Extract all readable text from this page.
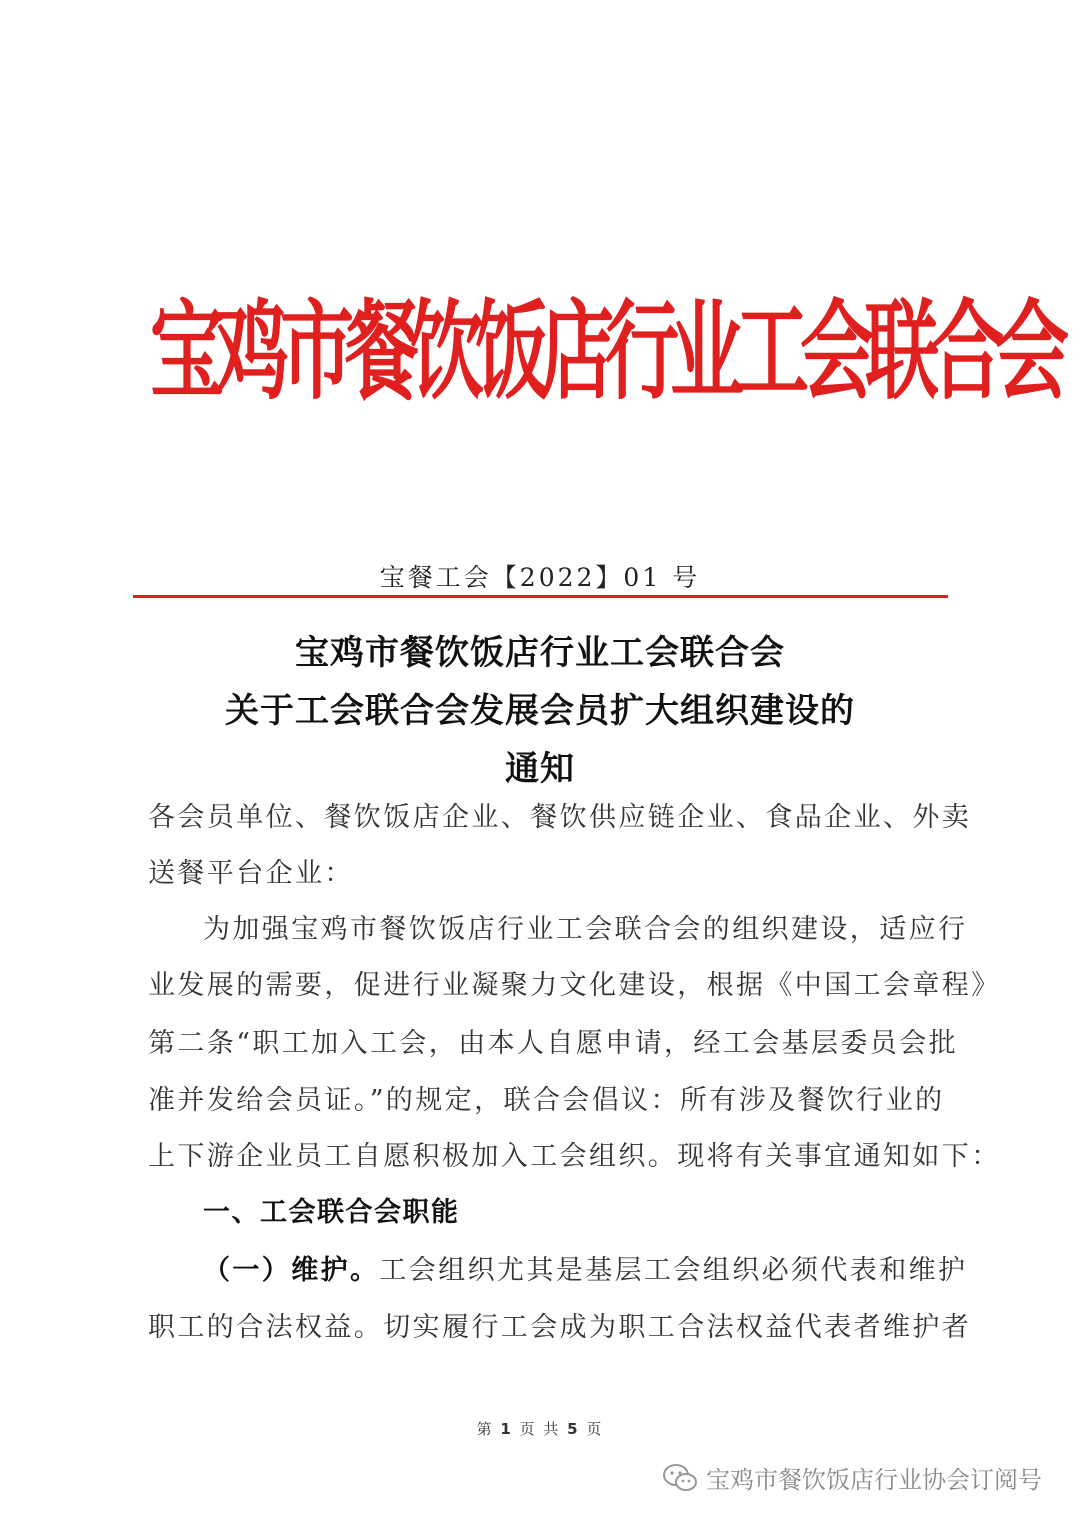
宝鸡市餐饮饭店行业工会联合会
宝餐工会【2022】01 号
宝鸡市餐饮饭店行业工会联合会
关于工会联合会发展会员扩大组织建设的
通知
各会员单位、餐饮饭店企业、餐饮供应链企业、食品企业、外卖
送餐平台企业：
为加强宝鸡市餐饮饭店行业工会联合会的组织建设，适应行
业发展的需要，促进行业凝聚力文化建设，根据《中国工会章程》
第二条“职工加入工会，由本人自愿申请，经工会基层委员会批
准并发给会员证。”的规定，联合会倡议：所有涉及餐饮行业的
上下游企业员工自愿积极加入工会组织。现将有关事宜通知如下：
一、工会联合会职能
（一）维护。工会组织尤其是基层工会组织必须代表和维护
职工的合法权益。切实履行工会成为职工合法权益代表者维护者
第 1 页 共 5 页
宝鸡市餐饮饭店行业协会订阅号
